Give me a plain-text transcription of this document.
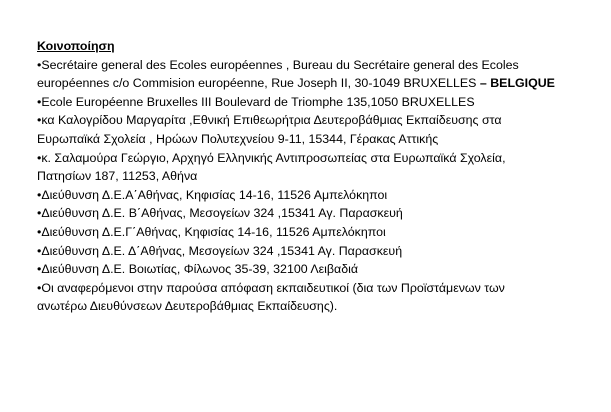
Κοινοποίηση
•Secrétaire general des Ecoles européennes , Bureau du Secrétaire general des Ecoles
européennes c/o Commision européenne, Rue Joseph II, 30-1049 BRUXELLES – BELGIQUE
•Ecole Européenne Bruxelles III Boulevard de Triomphe 135,1050 BRUXELLES
•κα Καλογρίδου Μαργαρίτα ,Εθνική Επιθεωρήτρια Δευτεροβάθμιας Εκπαίδευσης στα
Ευρωπαϊκά Σχολεία , Ηρώων Πολυτεχνείου 9-11, 15344, Γέρακας Αττικής
•κ. Σαλαμούρα Γεώργιο, Αρχηγό Ελληνικής Αντιπροσωπείας στα Ευρωπαϊκά Σχολεία,
Πατησίων 187, 11253, Αθήνα
•Διεύθυνση Δ.Ε.Α΄Αθήνας, Κηφισίας 14-16, 11526 Αμπελόκηποι
•Διεύθυνση Δ.Ε. Β΄Αθήνας, Μεσογείων 324 ,15341 Αγ. Παρασκευή
•Διεύθυνση Δ.Ε.Γ΄Αθήνας, Κηφισίας 14-16, 11526 Αμπελόκηποι
•Διεύθυνση Δ.Ε. Δ΄Αθήνας, Μεσογείων 324 ,15341 Αγ. Παρασκευή
•Διεύθυνση Δ.Ε. Βοιωτίας, Φίλωνος 35-39, 32100 Λειβαδιά
•Οι αναφερόμενοι στην παρούσα απόφαση εκπαιδευτικοί (δια των Προϊστάμενων των
ανωτέρω Διευθύνσεων Δευτεροβάθμιας Εκπαίδευσης).
